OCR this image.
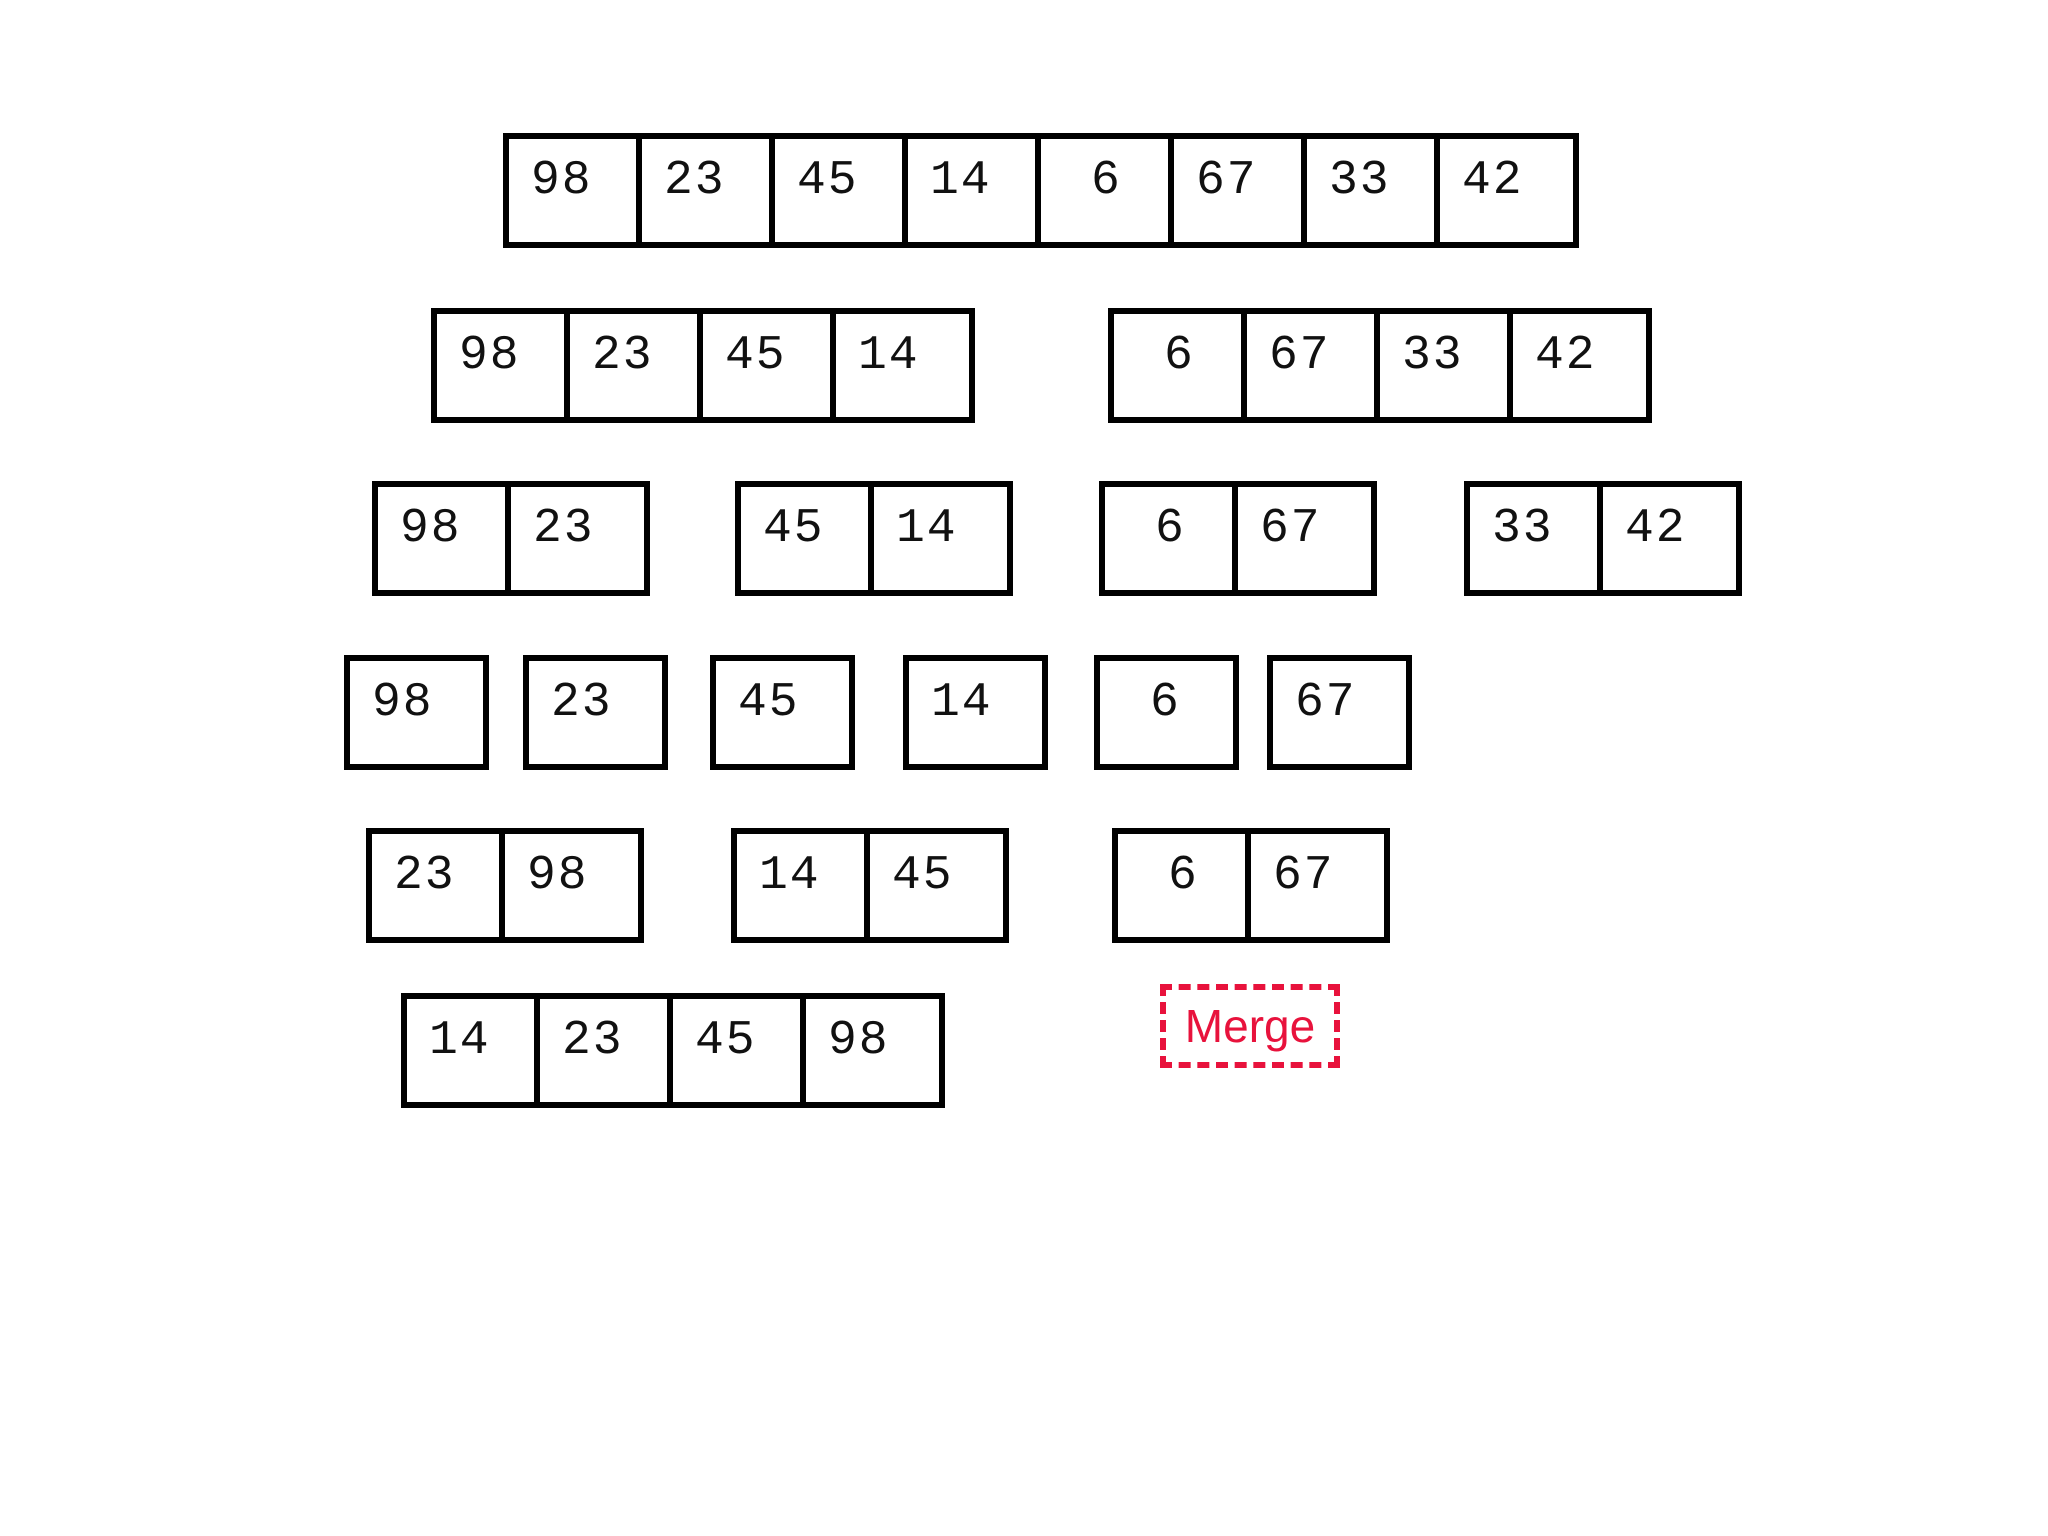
98 23 45 14 6 67 33 42
98 23 45 14	6 67 33 42
98 23	45 14	6 67	33 42
98 23	45	14	6 67
23 98	14 45	6 67
14 23 45 98	Merge
